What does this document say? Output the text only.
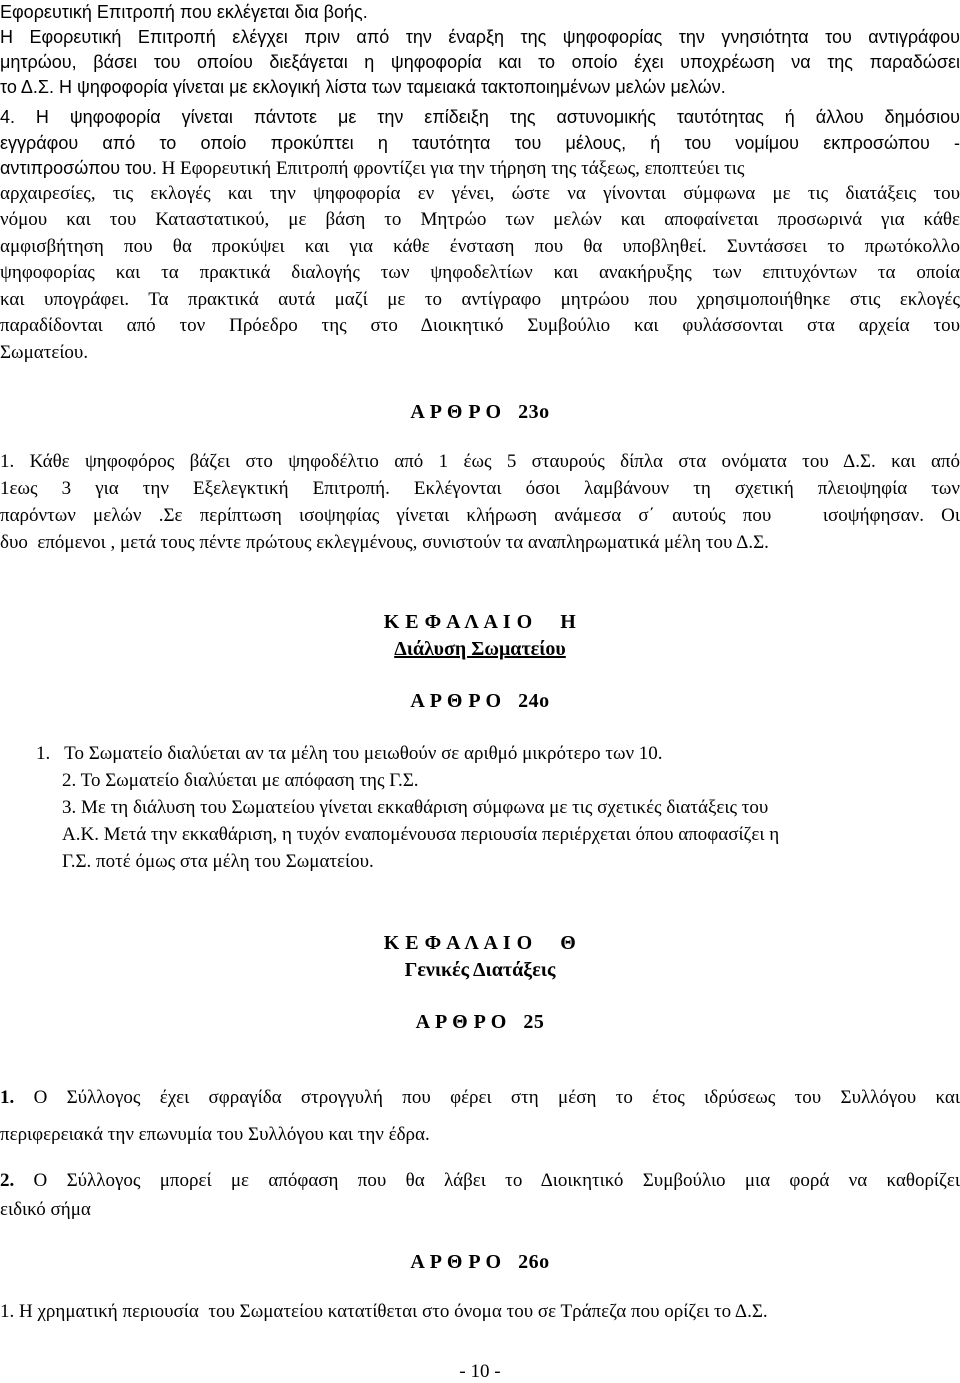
Εφορευτική Επιτροπή που εκλέγεται δια βοής.
Η Εφορευτική Επιτροπή ελέγχει πριν από την έναρξη της ψηφοφορίας την γνησιότητα του αντιγράφου
μητρώου, βάσει του οποίου διεξάγεται η ψηφοφορία και το οποίο έχει υποχρέωση να της παραδώσει
το Δ.Σ. Η ψηφοφορία γίνεται με εκλογική λίστα των ταμειακά τακτοποιημένων μελών μελών.
4. Η ψηφοφορία γίνεται πάντοτε με την επίδειξη της αστυνομικής ταυτότητας ή άλλου δημόσιου
εγγράφου από το οποίο προκύπτει η ταυτότητα του μέλους, ή του νομίμου εκπροσώπου -
αντιπροσώπου του. Η Εφορευτική Επιτροπή φροντίζει για την τήρηση της τάξεως, εποπτεύει τις
αρχαιρεσίες, τις εκλογές και την ψηφοφορία εν γένει, ώστε να γίνονται σύμφωνα με τις διατάξεις του
νόμου και του Καταστατικού, με βάση το Μητρώο των μελών και αποφαίνεται προσωρινά για κάθε
αμφισβήτηση που θα προκύψει και για κάθε ένσταση που θα υποβληθεί. Συντάσσει το πρωτόκολλο
ψηφοφορίας και τα πρακτικά διαλογής των ψηφοδελτίων και ανακήρυξης των επιτυχόντων τα οποία
και υπογράφει. Τα πρακτικά αυτά μαζί με το αντίγραφο μητρώου που χρησιμοποιήθηκε στις εκλογές
παραδίδονται από τον Πρόεδρο της στο Διοικητικό Συμβούλιο και φυλάσσονται στα αρχεία του
Σωματείου.
Α Ρ Θ Ρ Ο   23ο
1. Κάθε ψηφοφόρος βάζει στο ψηφοδέλτιο από 1 έως 5 σταυρούς δίπλα στα ονόματα του Δ.Σ. και από
1εως 3 για την Εξελεγκτική Επιτροπή. Εκλέγονται όσοι λαμβάνουν τη σχετική πλειοψηφία των
παρόντων μελών .Σε περίπτωση ισοψηφίας γίνεται κλήρωση ανάμεσα σ΄ αυτούς που   ισοψήφησαν. Οι
δυο  επόμενοι , μετά τους πέντε πρώτους εκλεγμένους, συνιστούν τα αναπληρωματικά μέλη του Δ.Σ.
Κ Ε Φ Α Λ Α Ι Ο     Η
Διάλυση Σωματείου
Α Ρ Θ Ρ Ο   24ο
1.   Το Σωματείο διαλύεται αν τα μέλη του μειωθούν σε αριθμό μικρότερο των 10.
2. Το Σωματείο διαλύεται με απόφαση της Γ.Σ.
3. Με τη διάλυση του Σωματείου γίνεται εκκαθάριση σύμφωνα με τις σχετικές διατάξεις του
Α.Κ. Μετά την εκκαθάριση, η τυχόν εναπομένουσα περιουσία περιέρχεται όπου αποφασίζει η
Γ.Σ. ποτέ όμως στα μέλη του Σωματείου.
Κ Ε Φ Α Λ Α Ι Ο     Θ
Γενικές Διατάξεις
Α Ρ Θ Ρ Ο   25
1. Ο Σύλλογος έχει σφραγίδα στρογγυλή που φέρει στη μέση το έτος ιδρύσεως του Συλλόγου και
περιφερειακά την επωνυμία του Συλλόγου και την έδρα.
2. Ο Σύλλογος μπορεί με απόφαση που θα λάβει το Διοικητικό Συμβούλιο μια φορά να καθορίζει
ειδικό σήμα
Α Ρ Θ Ρ Ο   26ο
1. Η χρηματική περιουσία  του Σωματείου κατατίθεται στο όνομα του σε Τράπεζα που ορίζει το Δ.Σ.
- 10 -
